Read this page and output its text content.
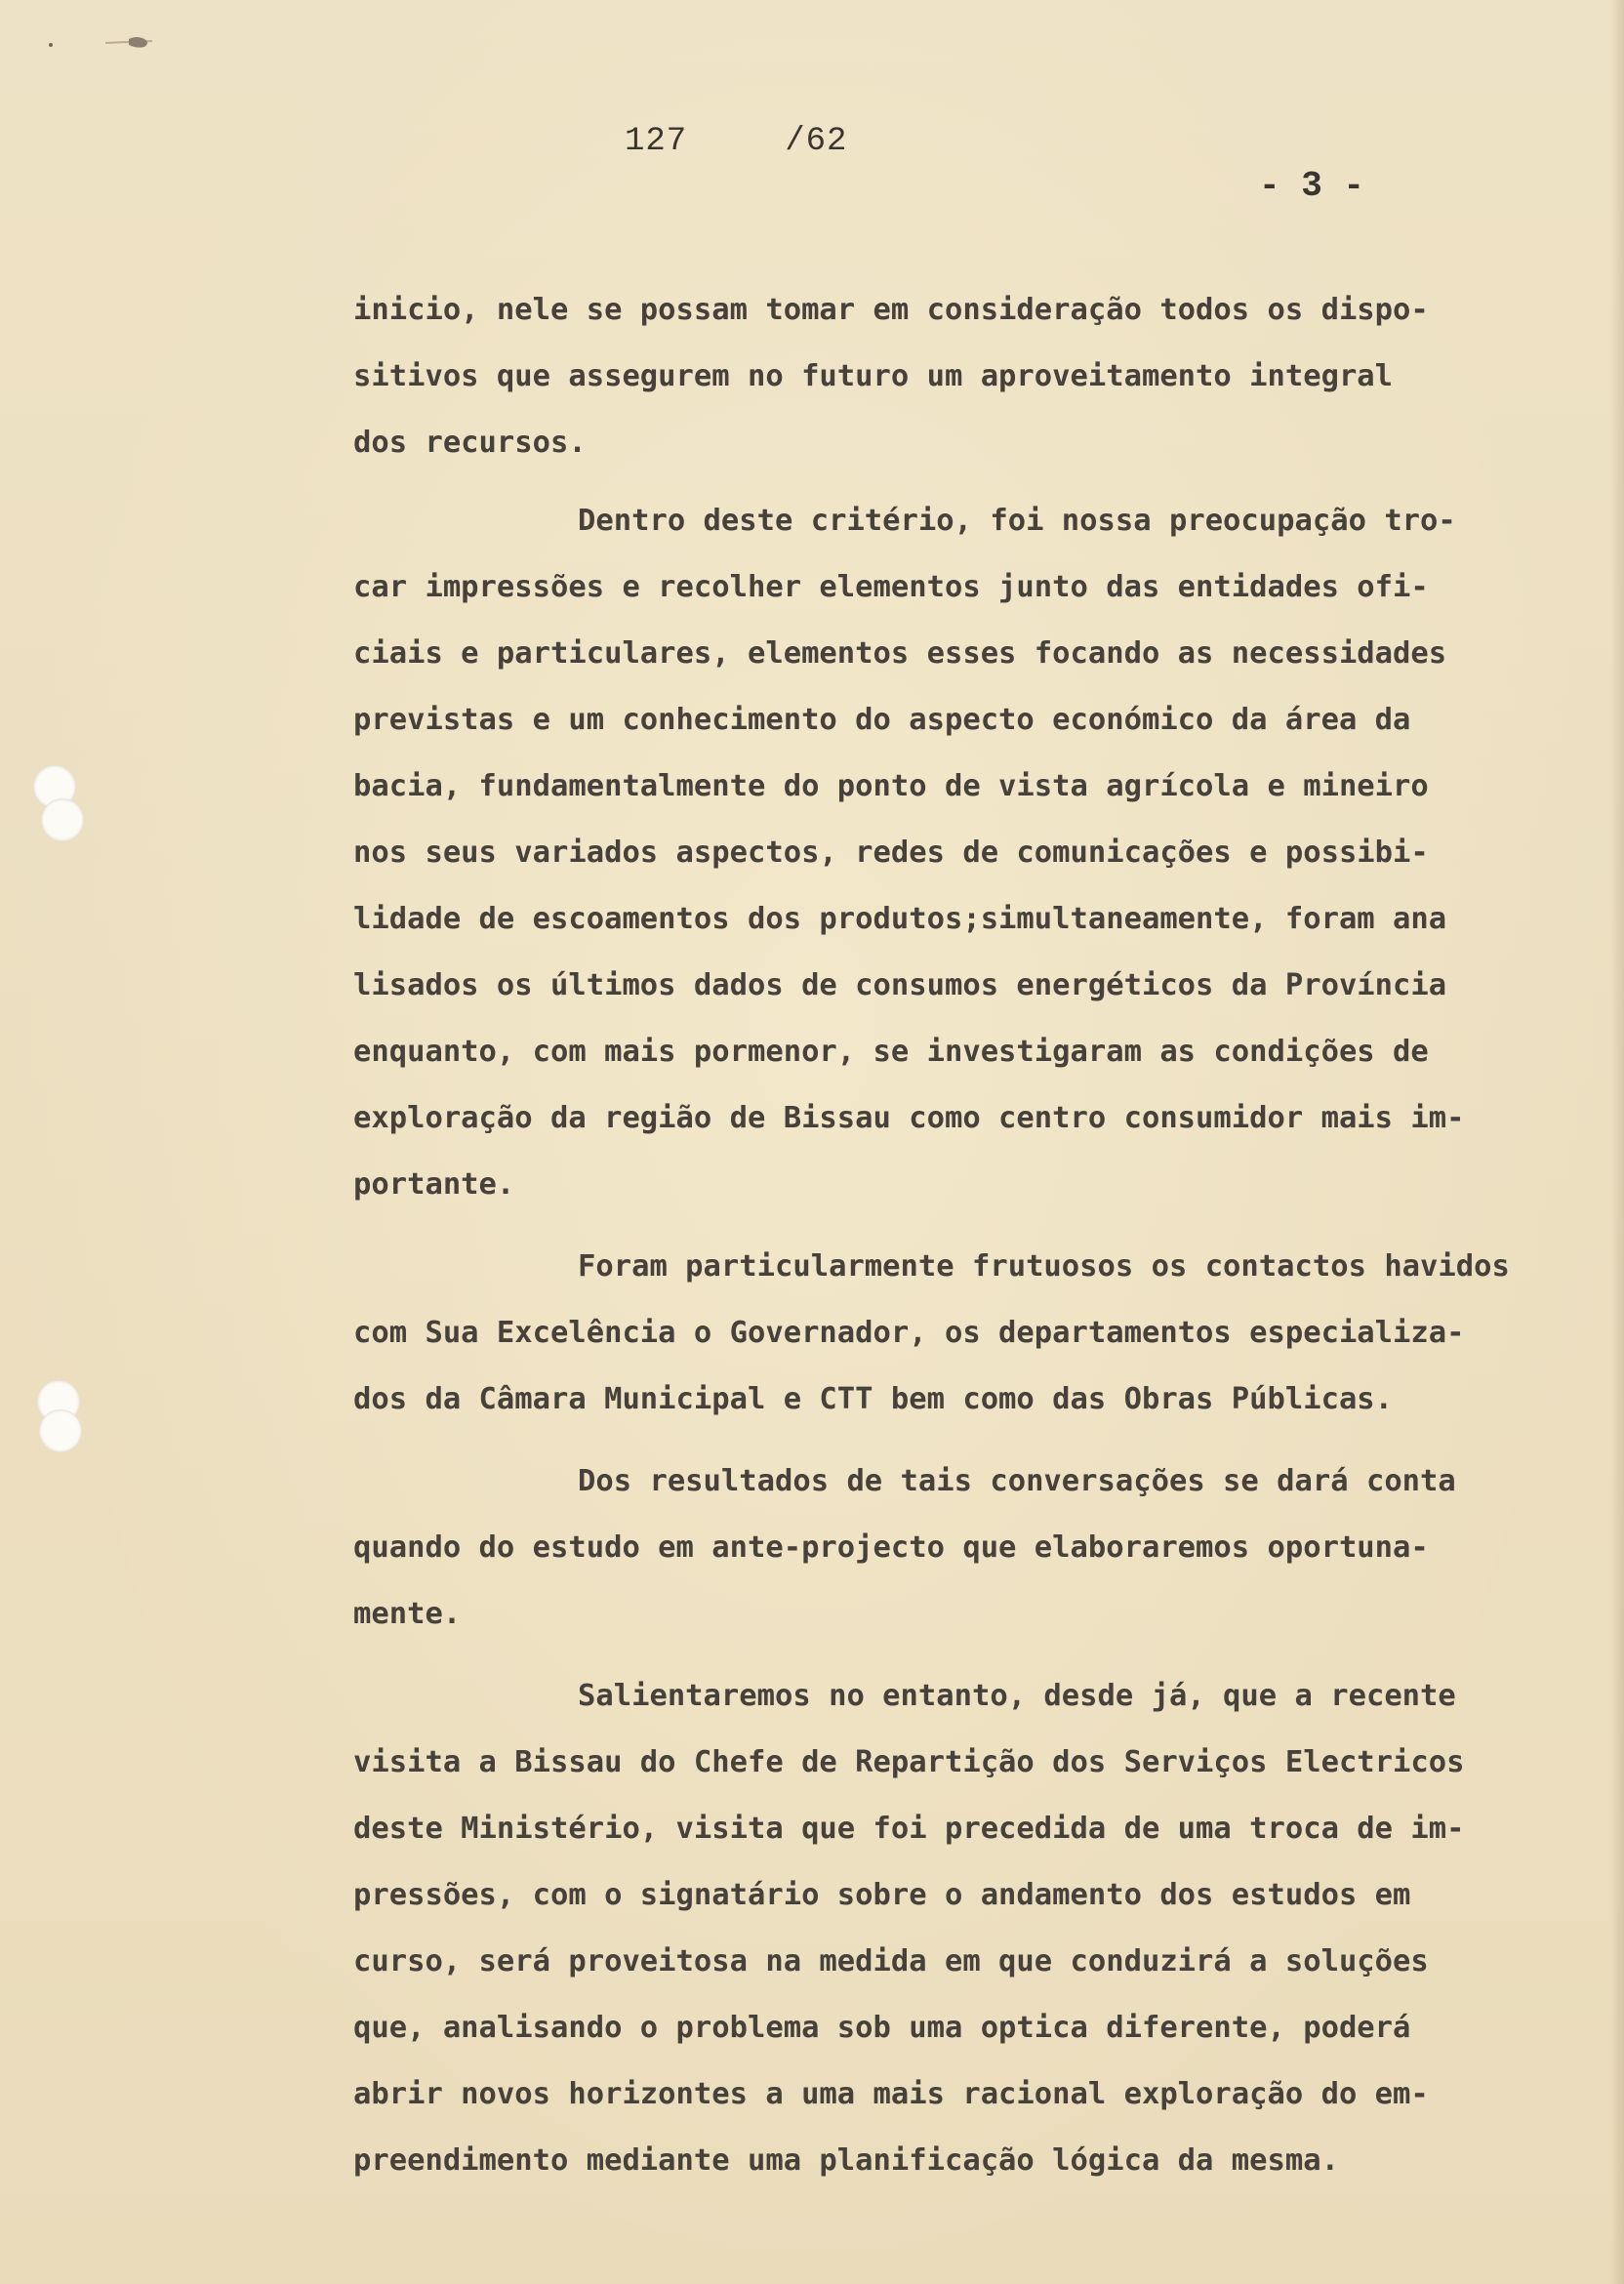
127	/62
- 3 -
inicio, nele se possam tomar em consideração todos os dispo-
sitivos que assegurem no futuro um aproveitamento integral
dos recursos.
Dentro deste critério, foi nossa preocupação tro-
car impressões e recolher elementos junto das entidades ofi-
ciais e particulares, elementos esses focando as necessidades
previstas e um conhecimento do aspecto económico da área da
bacia, fundamentalmente do ponto de vista agrícola e mineiro
nos seus variados aspectos, redes de comunicações e possibi-
lidade de escoamentos dos produtos;simultaneamente, foram ana
lisados os últimos dados de consumos energéticos da Província
enquanto, com mais pormenor, se investigaram as condições de
exploração da região de Bissau como centro consumidor mais im-
portante.
Foram particularmente frutuosos os contactos havidos
com Sua Excelência o Governador, os departamentos especializa-
dos da Câmara Municipal e CTT bem como das Obras Públicas.
Dos resultados de tais conversações se dará conta
quando do estudo em ante-projecto que elaboraremos oportuna-
mente.
Salientaremos no entanto, desde já, que a recente
visita a Bissau do Chefe de Repartição dos Serviços Electricos
deste Ministério, visita que foi precedida de uma troca de im-
pressões, com o signatário sobre o andamento dos estudos em
curso, será proveitosa na medida em que conduzirá a soluções
que, analisando o problema sob uma optica diferente, poderá
abrir novos horizontes a uma mais racional exploração do em-
preendimento mediante uma planificação lógica da mesma.
